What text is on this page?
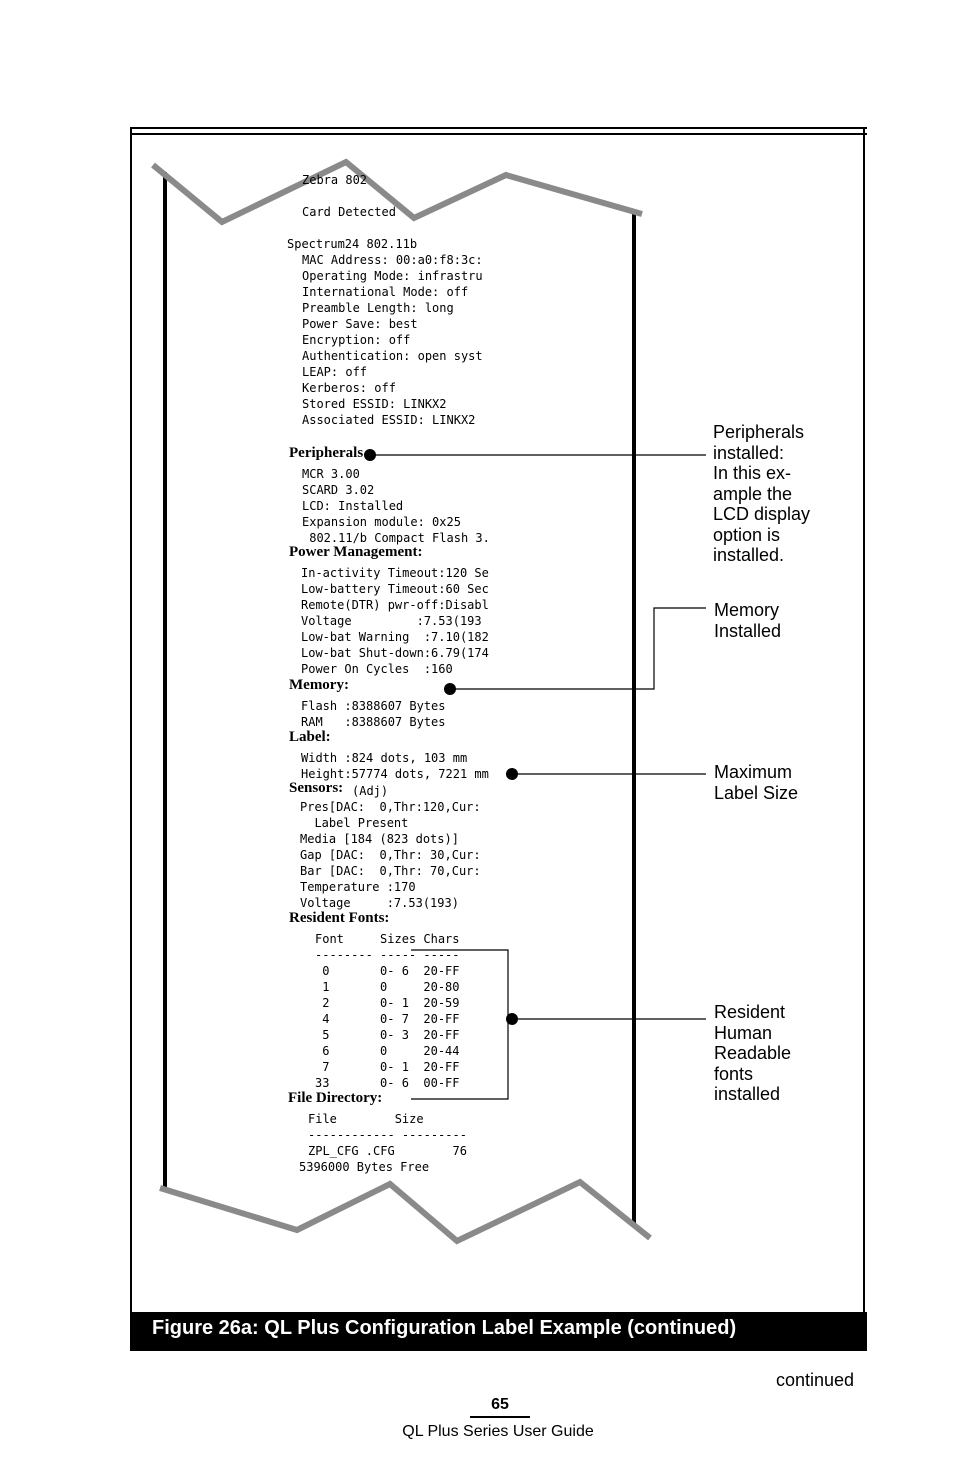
Zebra 802
Card Detected
Spectrum24 802.11b
MAC Address: 00:a0:f8:3c:
Operating Mode: infrastru
International Mode: off
Preamble Length: long
Power Save: best
Encryption: off
Authentication: open syst
LEAP: off
Kerberos: off
Stored ESSID: LINKX2
Associated ESSID: LINKX2
Peripherals
MCR 3.00
SCARD 3.02
LCD: Installed
Expansion module: 0x25
802.11/b Compact Flash 3.
Power Management:
In-activity Timeout:120 Se
Low-battery Timeout:60 Sec
Remote(DTR) pwr-off:Disabl
Voltage         :7.53(193
Low-bat Warning  :7.10(182
Low-bat Shut-down:6.79(174
Power On Cycles  :160
Memory:
Flash :8388607 Bytes
RAM   :8388607 Bytes
Label:
Width :824 dots, 103 mm
Height:57774 dots, 7221 mm
Sensors: (Adj)
Pres[DAC:  0,Thr:120,Cur:
Label Present
Media [184 (823 dots)]
Gap [DAC:  0,Thr: 30,Cur:
Bar [DAC:  0,Thr: 70,Cur:
Temperature :170
Voltage     :7.53(193)
Resident Fonts:
Font     Sizes Chars
-------- ----- -----
0       0- 6  20-FF
1       0     20-80
2       0- 1  20-59
4       0- 7  20-FF
5       0- 3  20-FF
6       0     20-44
7       0- 1  20-FF
33       0- 6  00-FF
File Directory:
File        Size
------------ ---------
ZPL_CFG .CFG        76
5396000 Bytes Free
Peripherals
installed:
In this ex-
ample the
LCD display
option is
installed.
Memory
Installed
Maximum
Label Size
Resident
Human
Readable
fonts
installed
Figure 26a: QL Plus Configuration Label Example (continued)
continued
65
QL Plus Series User Guide
